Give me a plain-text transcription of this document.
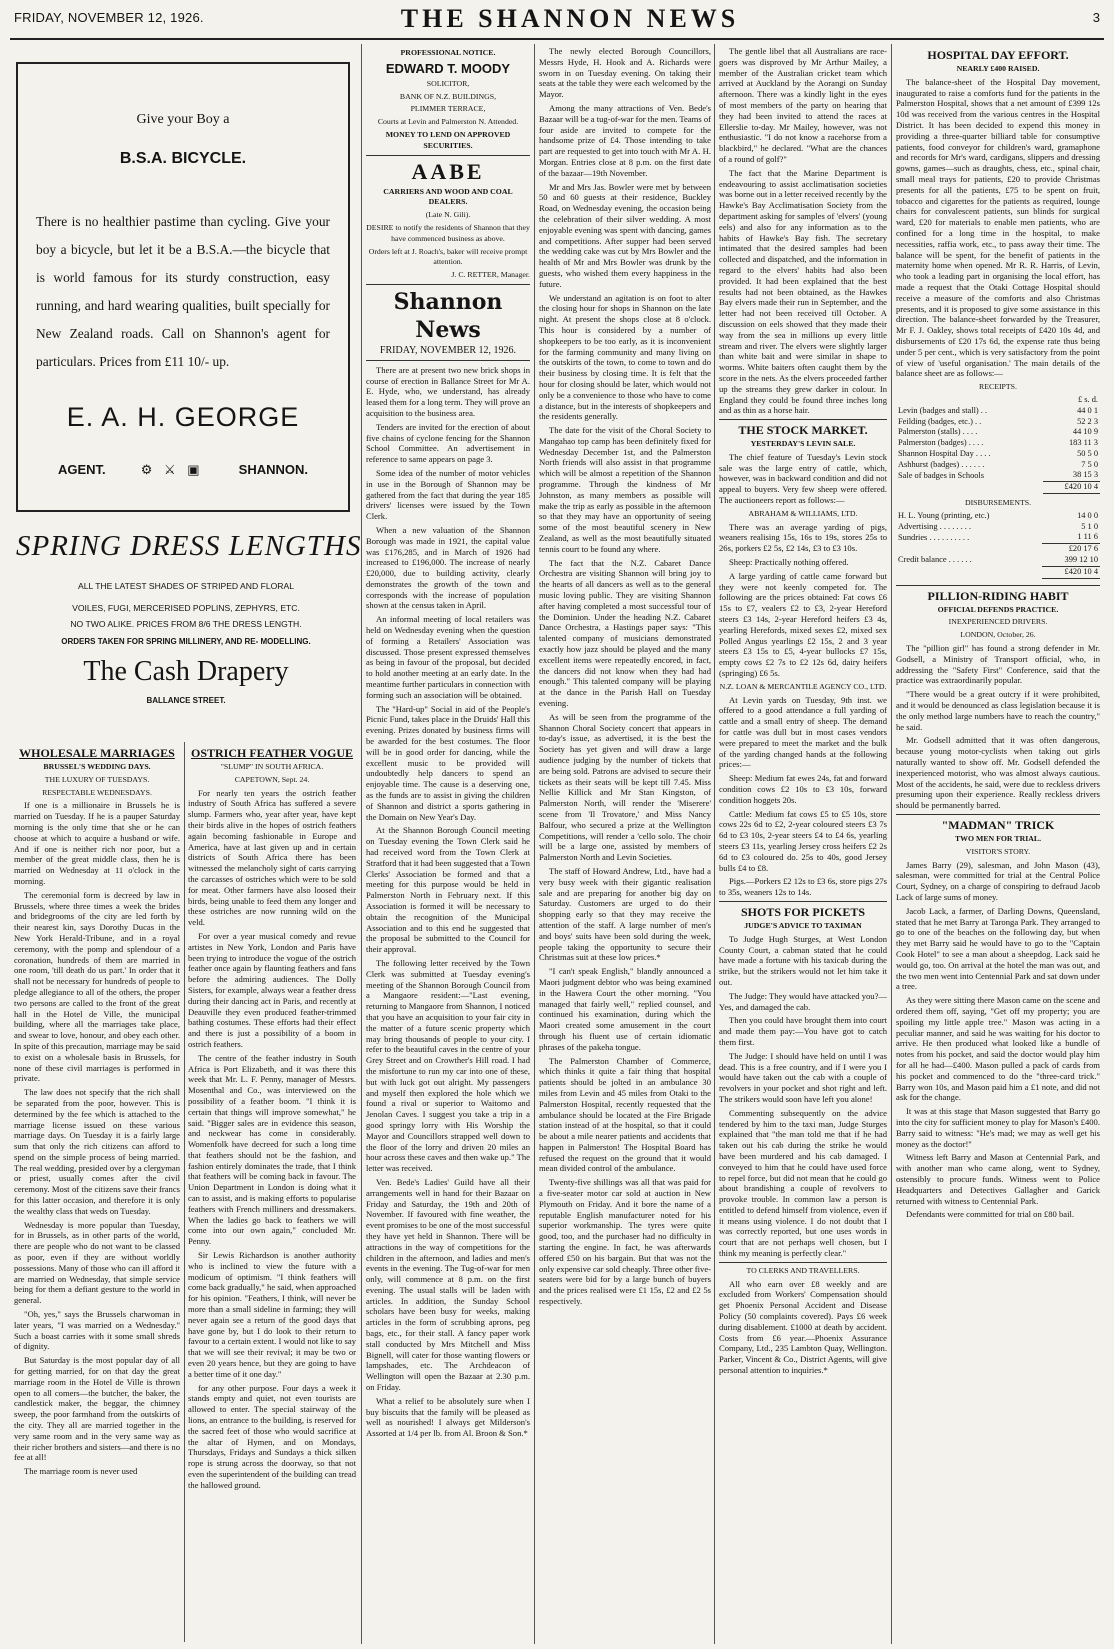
FRIDAY, NOVEMBER 12, 1926.	THE SHANNON NEWS	3
Give your Boy a
B.S.A. BICYCLE.
There is no healthier pastime than cycling. Give your boy a bicycle, but let it be a B.S.A.—the bicycle that is world famous for its sturdy construction, easy running, and hard wearing qualities, built specially for New Zealand roads. Call on Shannon's agent for particulars. Prices from £11 10/- up.
E. A. H. GEORGE
AGENT.	⚙ ⚔ ▣	SHANNON.
SPRING DRESS LENGTHS
ALL THE LATEST SHADES OF STRIPED AND FLORAL
VOILES, FUGI, MERCERISED POPLINS, ZEPHYRS, ETC.
NO TWO ALIKE. PRICES FROM 8/6 THE DRESS LENGTH.
ORDERS TAKEN FOR SPRING MILLINERY, AND RE- MODELLING.
The Cash Drapery
BALLANCE STREET.
WHOLESALE MARRIAGES
BRUSSEL'S WEDDING DAYS.
THE LUXURY OF TUESDAYS.
RESPECTABLE WEDNESDAYS.

If one is a millionaire in Brussels he is married on Tuesday. If he is a pauper Saturday morning is the only time that she or he can choose at which to acquire a husband or wife. And if one is neither rich nor poor, but a member of the great middle class, then he is married on Wednesday at 11 o'clock in the morning.

The ceremonial form is decreed by law in Brussels, where three times a week the brides and bridegrooms of the city are led forth by their nearest kin, says Dorothy Ducas in the New York Herald-Tribune, and in a royal ceremony, with the pomp and splendour of a coronation, hundreds of them are married in one room, 'till death do us part.' In order that it shall not be necessary for hundreds of people to pledge allegiance to all of the others, the proper two persons are called to the front of the great hall in the Hotel de Ville, the municipal building, where all the marriages take place, and swear to love, honour, and obey each other. In spite of this precaution, marriage may be said to exist on a wholesale basis in Brussels, for none of these civil marriages is performed in private.

The law does not specify that the rich shall be separated from the poor, however. This is determined by the fee which is attached to the marriage license issued on these various marriage days. On Tuesday it is a fairly large sum that only the rich citizens can afford to spend on the simple process of being married. The real wedding, presided over by a clergyman or priest, usually comes after the civil ceremony. Most of the citizens save their francs for this latter occasion, and therefore it is only the wealthy class that weds on Tuesday.

Wednesday is more popular than Tuesday, for in Brussels, as in other parts of the world, there are people who do not want to be classed as poor, even if they are without worldly possessions. Many of those who can ill afford it are married on Wednesday, that simple service being for them a defiant gesture to the world in general.

"Oh, yes," says the Brussels charwoman in later years, "I was married on a Wednesday." Such a boast carries with it some small shreds of dignity.

But Saturday is the most popular day of all for getting married, for on that day the great marriage room in the Hotel de Ville is thrown open to all comers—the butcher, the baker, the candlestick maker, the beggar, the chimney sweep, the poor farmhand from the outskirts of the city. They all are married together in the very same room and in the very same way as their richer brothers and sisters—and there is no fee at all!

The marriage room is never used

OSTRICH FEATHER VOGUE
"SLUMP" IN SOUTH AFRICA.
CAPETOWN, Sept. 24.

For nearly ten years the ostrich feather industry of South Africa has suffered a severe slump. Farmers who, year after year, have kept their birds alive in the hopes of ostrich feathers again becoming fashionable in Europe and America, have at last given up and in certain districts of South Africa there has been witnessed the melancholy sight of carts carrying the carcasses of ostriches which were to be sold for meat. Other farmers have also loosed their birds, being unable to feed them any longer and these ostriches are now running wild on the veld.

For over a year musical comedy and revue artistes in New York, London and Paris have been trying to introduce the vogue of the ostrich feather once again by flaunting feathers and fans before the admiring audiences. The Dolly Sisters, for example, always wear a feather dress during their dancing act in Paris, and recently at Deauville they even produced feather-trimmed bathing costumes. These efforts had their effect and there is just a possibility of a boom in ostrich feathers.

The centre of the feather industry in South Africa is Port Elizabeth, and it was there this week that Mr. L. F. Penny, manager of Messrs. Mosenthal and Co., was interviewed on the possibility of a feather boom. "I think it is certain that things will improve somewhat," he said. "Bigger sales are in evidence this season, and neckwear has come in considerably. Womenfolk have decreed for such a long time that feathers should not be the fashion, and fashion entirely dominates the trade, that I think that feathers will be coming back in favour. The Union Department in London is doing what it can to assist, and is making efforts to popularise feathers with French milliners and dressmakers. When the ladies go back to feathers we will come into our own again," concluded Mr. Penny.

Sir Lewis Richardson is another authority who is inclined to view the future with a modicum of optimism. "I think feathers will come back gradually," he said, when approached for his opinion. "Feathers, I think, will never be more than a small sideline in farming; they will never again see a return of the good days that have gone by, but I do look to their return to favour to a certain extent. I would not like to say that we will see their revival; it may be two or even 20 years hence, but they are going to have a better time of it one day."

for any other purpose. Four days a week it stands empty and quiet, not even tourists are allowed to enter. The special stairway of the lions, an entrance to the building, is reserved for the sacred feet of those who would sacrifice at the altar of Hymen, and on Mondays, Thursdays, Fridays and Sundays a thick silken rope is strung across the doorway, so that not even the superintendent of the building can tread the hallowed ground.

PROFESSIONAL NOTICE.
EDWARD T. MOODY
SOLICITOR,
BANK OF N.Z. BUILDINGS,
PLIMMER TERRACE,
Courts at Levin and Palmerston N. Attended.
MONEY TO LEND ON APPROVED SECURITIES.
AABE
CARRIERS AND WOOD AND COAL DEALERS.
(Late N. Gili).
DESIRE to notify the residents of Shannon that they have commenced business as above.
Orders left at J. Roach's, baker will receive prompt attention.
J. C. RETTER, Manager.
Shannon News
FRIDAY, NOVEMBER 12, 1926.

There are at present two new brick shops in course of erection in Ballance Street for Mr A. E. Hyde, who, we understand, has already leased them for a long term. They will prove an acquisition to the business area.

Tenders are invited for the erection of about five chains of cyclone fencing for the Shannon School Committee. An advertisement in reference to same appears on page 3.

Some idea of the number of motor vehicles in use in the Borough of Shannon may be gathered from the fact that during the year 185 drivers' licenses were issued by the Town Clerk.

When a new valuation of the Shannon Borough was made in 1921, the capital value was £176,285, and in March of 1926 had increased to £196,000. The increase of nearly £20,000, due to building activity, clearly demonstrates the growth of the town and corresponds with the increase of population shown at the census taken in April.

An informal meeting of local retailers was held on Wednesday evening when the question of forming a Retailers' Association was discussed. Those present expressed themselves as being in favour of the proposal, but decided to hold another meeting at an early date. In the meantime further particulars in connection with forming such an association will be obtained.

The "Hard-up" Social in aid of the People's Picnic Fund, takes place in the Druids' Hall this evening. Prizes donated by business firms will be awarded for the best costumes. The floor will be in good order for dancing, while the excellent music to be provided will undoubtedly help dancers to spend an enjoyable time. The cause is a deserving one, as the funds are to assist in giving the children of Shannon and district a sports gathering in the Domain on New Year's Day.

At the Shannon Borough Council meeting on Tuesday evening the Town Clerk said he had received word from the Town Clerk at Stratford that it had been suggested that a Town Clerks' Association be formed and that a meeting for this purpose would be held in Palmerston North in February next. If this Association is formed it will be necessary to obtain the recognition of the Municipal Association and to this end he suggested that the proposal be submitted to the Council for their approval.

The following letter received by the Town Clerk was submitted at Tuesday evening's meeting of the Shannon Borough Council from a Mangaore resident:—"Last evening, returning to Mangaore from Shannon, I noticed that you have an acquisition to your fair city in the matter of a future scenic property which may bring thousands of people to your city. I refer to the beautiful caves in the centre of your Grey Street and on Crowther's Hill road. I had the misfortune to run my car into one of these, but with luck got out alright. My passengers and myself then explored the hole which we found a rival or superior to Waitomo and Jenolan Caves. I suggest you take a trip in a good springy lorry with His Worship the Mayor and Councillors strapped well down to the floor of the lorry and driven 20 miles an hour across these caves and then wake up." The letter was received.

Ven. Bede's Ladies' Guild have all their arrangements well in hand for their Bazaar on Friday and Saturday, the 19th and 20th of November. If favoured with fine weather, the event promises to be one of the most successful they have yet held in Shannon. There will be attractions in the way of competitions for the children in the afternoon, and ladies and men's events in the evening. The Tug-of-war for men only, will commence at 8 p.m. on the first evening. The usual stalls will be laden with articles. In addition, the Sunday School scholars have been busy for weeks, making articles in the form of scrubbing aprons, peg bags, etc., for their stall. A fancy paper work stall conducted by Mrs Mitchell and Miss Bignell, will cater for those wanting flowers or lampshades, etc. The Archdeacon of Wellington will open the Bazaar at 2.30 p.m. on Friday.

What a relief to be absolutely sure when I buy biscuits that the family will be pleased as well as nourished! I always get Milderson's Assorted at 1/4 per lb. from Al. Broon & Son.*

The newly elected Borough Councillors, Messrs Hyde, H. Hook and A. Richards were sworn in on Tuesday evening. On taking their seats at the table they were each welcomed by the Mayor.

Among the many attractions of Ven. Bede's Bazaar will be a tug-of-war for the men. Teams of four aside are invited to compete for the handsome prize of £4. Those intending to take part are requested to get into touch with Mr A. H. Morgan. Entries close at 8 p.m. on the first date of the bazaar—19th November.

Mr and Mrs Jas. Bowler were met by between 50 and 60 guests at their residence, Buckley Road, on Wednesday evening, the occasion being the celebration of their silver wedding. A most enjoyable evening was spent with dancing, games and competitions. After supper had been served the wedding cake was cut by Mrs Bowler and the health of Mr and Mrs Bowler was drunk by the guests, who wished them every happiness in the future.

We understand an agitation is on foot to alter the closing hour for shops in Shannon on the late night. At present the shops close at 8 o'clock. This hour is considered by a number of shopkeepers to be too early, as it is inconvenient for the farming community and many living on the outskirts of the town, to come to town and do their business by closing time. It is felt that the hour for closing should be later, which would not only be a convenience to those who have to come a distance, but in the interests of shopkeepers and the residents generally.

The date for the visit of the Choral Society to Mangahao top camp has been definitely fixed for Wednesday December 1st, and the Palmerston North friends will also assist in that programme which will be almost a repetition of the Shannon programme. Through the kindness of Mr Johnston, as many members as possible will make the trip as early as possible in the afternoon so that they may have an opportunity of seeing some of the most beautiful scenery in New Zealand, as well as the most beautifully situated tennis court to be found any where.

The fact that the N.Z. Cabaret Dance Orchestra are visiting Shannon will bring joy to the hearts of all dancers as well as to the general music loving public. They are visiting Shannon after having completed a most successful tour of the Dominion. Under the heading N.Z. Cabaret Dance Orchestra, a Hastings paper says: "This talented company of musicians demonstrated exactly how jazz should be played and the many excellent items were repeatedly encored, in fact, the dancers did not know when they had had enough." This talented company will be playing at the dance in the Parish Hall on Tuesday evening.

As will be seen from the programme of the Shannon Choral Society concert that appears in to-day's issue, as advertised, it is the best the Society has yet given and will draw a large audience judging by the number of tickets that are being sold. Patrons are advised to secure their tickets as their seats will be kept till 7.45. Miss Nellie Killick and Mr Stan Kingston, of Palmerston North, will render the 'Miserere' scene from 'Il Trovatore,' and Miss Nancy Balfour, who secured a prize at the Wellington Competitions, will render a 'cello solo. The choir will be a large one, assisted by members of Palmerston North and Levin Societies.

The staff of Howard Andrew, Ltd., have had a very busy week with their gigantic realisation sale and are preparing for another big day on Saturday. Customers are urged to do their shopping early so that they may receive the attention of the staff. A large number of men's and boys' suits have been sold during the week, people taking the opportunity to secure their Christmas suit at these low prices.*

"I can't speak English," blandly announced a Maori judgment debtor who was being examined in the Hawera Court the other morning. "You managed that fairly well," replied counsel, and continued his examination, during which the Maori created some amusement in the court through his fluent use of certain idiomatic phrases of the pakeha tongue.

The Palmerston Chamber of Commerce, which thinks it quite a fair thing that hospital patients should be jolted in an ambulance 30 miles from Levin and 45 miles from Otaki to the Palmerston Hospital, recently requested that the ambulance should be located at the Fire Brigade station instead of at the hospital, so that it could be about a mile nearer patients and accidents that happen in Palmerston! The Hospital Board has refused the request on the ground that it would mean divided control of the ambulance.

Twenty-five shillings was all that was paid for a five-seater motor car sold at auction in New Plymouth on Friday. And it bore the name of a reputable English manufacturer noted for his superior workmanship. The tyres were quite good, too, and the purchaser had no difficulty in starting the engine. In fact, he was afterwards offered £50 on his bargain. But that was not the only expensive car sold cheaply. Three other five-seaters were bid for by a large bunch of buyers and the prices realised were £1 15s, £2 and £2 5s respectively.

The gentle libel that all Australians are race-goers was disproved by Mr Arthur Mailey, a member of the Australian cricket team which arrived at Auckland by the Aorangi on Sunday afternoon. There was a kindly light in the eyes of most members of the party on hearing that they had been invited to attend the races at Ellerslie to-day. Mr Mailey, however, was not enthusiastic. "I do not know a racehorse from a blackbird," he declared. "What are the chances of a round of golf?"

The fact that the Marine Department is endeavouring to assist acclimatisation societies was borne out in a letter received recently by the Hawke's Bay Acclimatisation Society from the department asking for samples of 'elvers' (young eels) and also for any information as to the habits of Hawke's Bay fish. The secretary intimated that the desired samples had been collected and dispatched, and the information in regard to the elvers' habits had also been provided. It had been explained that the best results had not been obtained, as the Hawkes Bay elvers made their run in September, and the letter had not been received till October. A discussion on eels showed that they made their way from the sea in millions up every little stream and river. The elvers were slightly larger than white bait and were similar in shape to worms. White baiters often caught them by the score in the nets. As the elvers proceeded farther up the streams they grew darker in colour. In England they could be found three inches long and as thin as a horse hair.

THE STOCK MARKET.
YESTERDAY'S LEVIN SALE.

The chief feature of Tuesday's Levin stock sale was the large entry of cattle, which, however, was in backward condition and did not appeal to buyers. Very few sheep were offered. The auctioneers report as follows:—

ABRAHAM & WILLIAMS, LTD.

There was an average yarding of pigs, weaners realising 15s, 16s to 19s, stores 25s to 26s, porkers £2 5s, £2 14s, £3 to £3 10s.

Sheep: Practically nothing offered.

A large yarding of cattle came forward but they were not keenly competed for. The following are the prices obtained: Fat cows £6 15s to £7, vealers £2 to £3, 2-year Hereford steers £3 14s, 2-year Hereford heifers £3 4s, yearling Herefords, mixed sexes £2, mixed sex Polled Angus yearlings £2 15s, 2 and 3 year steers £3 15s to £5, 4-year bullocks £7 15s, empty cows £2 7s to £2 12s 6d, dairy heifers (springing) £6 5s.

N.Z. LOAN & MERCANTILE AGENCY CO., LTD.

At Levin yards on Tuesday, 9th inst. we offered to a good attendance a full yarding of cattle and a small entry of sheep. The demand for cattle was dull but in most cases vendors were prepared to meet the market and the bulk of the yarding changed hands at the following prices:—

Sheep: Medium fat ewes 24s, fat and forward condition cows £2 10s to £3 10s, forward condition hoggets 20s.

Cattle: Medium fat cows £5 to £5 10s, store cows 22s 6d to £2, 2-year coloured steers £3 7s 6d to £3 10s, 2-year steers £4 to £4 6s, yearling steers £3 11s, yearling Jersey cross heifers £2 2s 6d to £3 coloured do. 25s to 40s, good Jersey bulls £4 to £8.

Pigs.—Porkers £2 12s to £3 6s, store pigs 27s to 35s, weaners 12s to 14s.

SHOTS FOR PICKETS
JUDGE'S ADVICE TO TAXIMAN

To Judge Hugh Sturges, at West London County Court, a cabman stated that he could have made a fortune with his taxicab during the strike, but the strikers would not let him take it out.

The Judge: They would have attacked you?—Yes, and damaged the cab.

Then you could have brought them into court and made them pay:—You have got to catch them first.

The Judge: I should have held on until I was dead. This is a free country, and if I were you I would have taken out the cab with a couple of revolvers in your pocket and shot right and left. The strikers would soon have left you alone!

Commenting subsequently on the advice tendered by him to the taxi man, Judge Sturges explained that "the man told me that if he had taken out his cab during the strike he would have been murdered and his cab damaged. I conveyed to him that he could have used force to repel force, but did not mean that he could go about brandishing a couple of revolvers to provoke trouble. In common law a person is entitled to defend himself from violence, even if it means using violence. I do not doubt that I was correctly reported, but one uses words in court that are not perhaps well chosen, but I think my meaning is perfectly clear."

TO CLERKS AND TRAVELLERS.

All who earn over £8 weekly and are excluded from Workers' Compensation should get Phoenix Personal Accident and Disease Policy (50 complaints covered). Pays £6 week during disablement. £1000 at death by accident. Costs from £6 year.—Phoenix Assurance Company, Ltd., 235 Lambton Quay, Wellington. Parker, Vincent & Co., District Agents, will give personal attention to inquiries.*

HOSPITAL DAY EFFORT.
NEARLY £400 RAISED.

The balance-sheet of the Hospital Day movement, inaugurated to raise a comforts fund for the patients in the Palmerston Hospital, shows that a net amount of £399 12s 10d was received from the various centres in the Hospital District. It has been decided to expend this money in providing a three-quarter billiard table for consumptive patients, food conveyor for children's ward, gramaphone and records for Mr's ward, cardigans, slippers and dressing gowns, games—such as draughts, chess, etc., spinal chair, small meal trays for patients, £20 to provide Christmas presents for all the patients, £75 to be spent on fruit, tobacco and cigarettes for the patients as required, lounge chairs for convalescent patients, sun blinds for surgical ward, £20 for materials to enable men patients, who are confined for a long time in the hospital, to make necessities, raffia work, etc., to pass away their time. The balance will be spent, for the benefit of patients in the maternity home when opened. Mr R. R. Harris, of Levin, who took a leading part in organising the local effort, has made a request that the Otaki Cottage Hospital should receive a measure of the comforts and also Christmas presents, and it is proposed to give some assistance in this direction. The balance-sheet forwarded by the Treasurer, Mr F. J. Oakley, shows total receipts of £420 10s 4d, and disbursements of £20 17s 6d, the expense rate thus being under 5 per cent., which is very satisfactory from the point of view of 'useful organisation.' The main details of the balance sheet are as follows:—

RECEIPTS.
	£ s. d.
Levin (badges and stall) . .	44 0 1
Feilding (badges, etc.) . .	52 2 3
Palmerston (stalls) . . . .	44 10 9
Palmerston (badges) . . . .	183 11 3
Shannon Hospital Day . . . .	50 5 0
Ashhurst (badges) . . . . . .	7 5 0
Sale of badges in Schools	38 15 3
	£420 10 4
DISBURSEMENTS.
H. L. Young (printing, etc.)	14 0 0
Advertising . . . . . . . .	5 1 0
Sundries . . . . . . . . . .	1 11 6
	£20 17 6
Credit balance . . . . . .	399 12 10
	£420 10 4
PILLION-RIDING HABIT
OFFICIAL DEFENDS PRACTICE.
INEXPERIENCED DRIVERS.
LONDON, October, 26.

The "pillion girl" has found a strong defender in Mr. Godsell, a Ministry of Transport official, who, in addressing the "Safety First" Conference, said that the practice was extraordinarily popular.

"There would be a great outcry if it were prohibited, and it would be denounced as class legislation because it is the only method large numbers have to reach the country," he said.

Mr. Godsell admitted that it was often dangerous, because young motor-cyclists when taking out girls naturally wanted to show off. Mr. Godsell defended the inexperienced motorist, who was almost always cautious. Most of the accidents, he said, were due to reckless drivers presuming upon their experience. Really reckless drivers should be permanently barred.

"MADMAN" TRICK
TWO MEN FOR TRIAL.
VISITOR'S STORY.

James Barry (29), salesman, and John Mason (43), salesman, were committed for trial at the Central Police Court, Sydney, on a charge of conspiring to defraud Jacob Lack of large sums of money.

Jacob Lack, a farmer, of Darling Downs, Queensland, stated that he met Barry at Taronga Park. They arranged to go to one of the beaches on the following day, but when they met Barry said he would have to go to the "Captain Cook Hotel" to see a man about a sheepdog. Lack said he would go, too. On arrival at the hotel the man was out, and the two men went into Centennial Park and sat down under a tree.

As they were sitting there Mason came on the scene and ordered them off, saying, "Get off my property; you are spoiling my little apple tree." Mason was acting in a peculiar manner, and said he was waiting for his doctor to arrive. He then produced what looked like a bundle of notes from his pocket, and said the doctor would play him for all he had—£400. Mason pulled a pack of cards from his pocket and commenced to do the "three-card trick." Barry won 10s, and Mason paid him a £1 note, and did not ask for the change.

It was at this stage that Mason suggested that Barry go into the city for sufficient money to play for Mason's £400. Barry said to witness: "He's mad; we may as well get his money as the doctor!"

Witness left Barry and Mason at Centennial Park, and with another man who came along, went to Sydney, ostensibly to procure funds. Witness went to Police Headquarters and Detectives Gallagher and Garick returned with witness to Centennial Park.

Defendants were committed for trial on £80 bail.
